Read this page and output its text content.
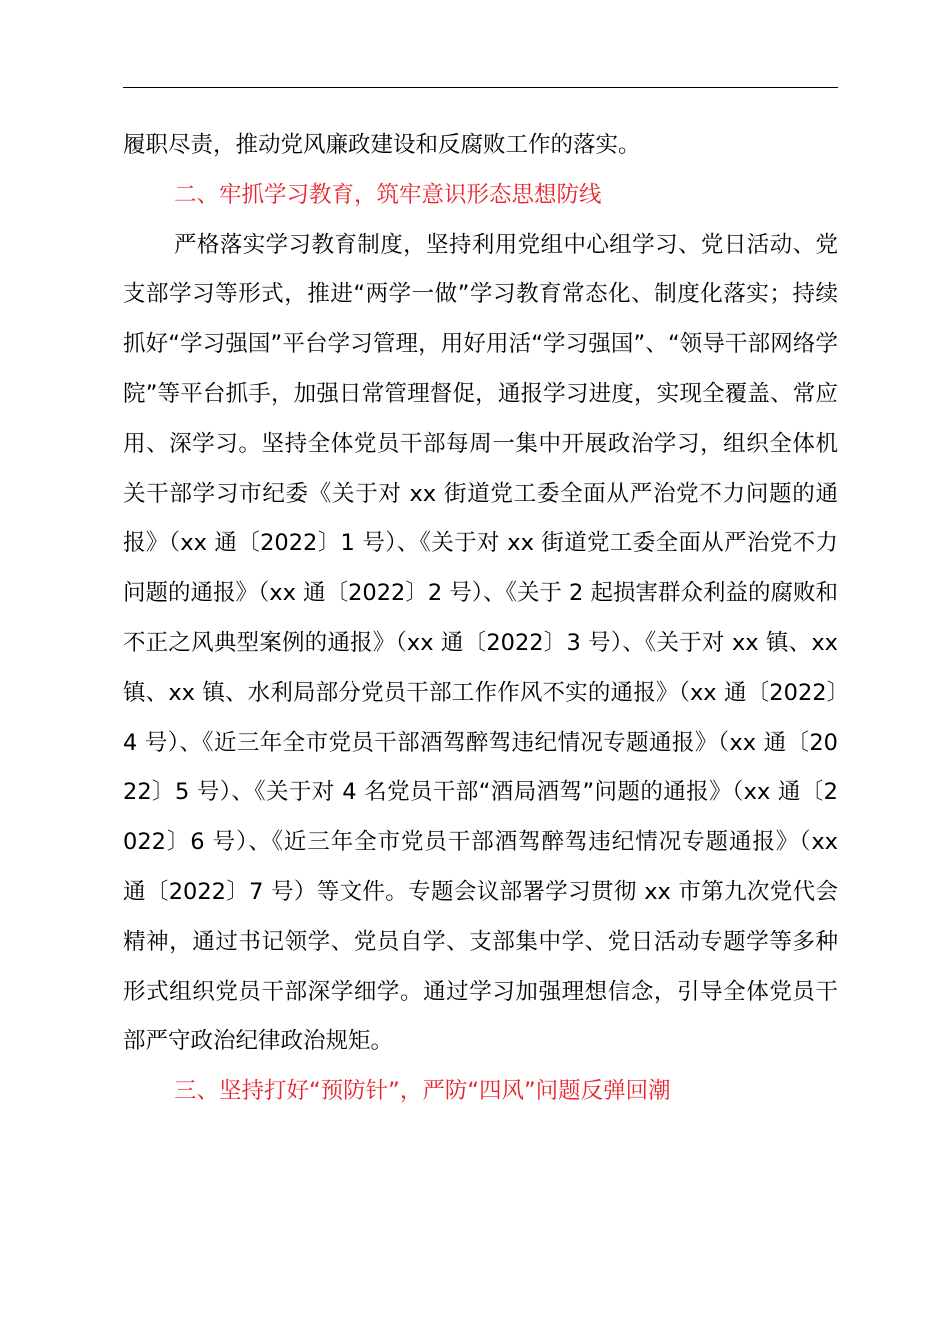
履职尽责，推动党风廉政建设和反腐败工作的落实。

二、牢抓学习教育，筑牢意识形态思想防线

严格落实学习教育制度，坚持利用党组中心组学习、党日活动、党支部学习等形式，推进“两学一做”学习教育常态化、制度化落实；持续抓好“学习强国”平台学习管理，用好用活“学习强国”、“领导干部网络学院”等平台抓手，加强日常管理督促，通报学习进度，实现全覆盖、常应用、深学习。坚持全体党员干部每周一集中开展政治学习，组织全体机关干部学习市纪委《关于对 xx 街道党工委全面从严治党不力问题的通报》（xx 通〔2022〕1 号）、《关于对 xx 街道党工委全面从严治党不力问题的通报》（xx 通〔2022〕2 号）、《关于 2 起损害群众利益的腐败和不正之风典型案例的通报》（xx 通〔2022〕3 号）、《关于对 xx 镇、xx 镇、xx 镇、水利局部分党员干部工作作风不实的通报》（xx 通〔2022〕4 号）、《近三年全市党员干部酒驾醉驾违纪情况专题通报》（xx 通〔2022〕5 号）、《关于对 4 名党员干部“酒局酒驾”问题的通报》（xx 通〔2022〕6 号）、《近三年全市党员干部酒驾醉驾违纪情况专题通报》（xx 通〔2022〕7 号）等文件。专题会议部署学习贯彻 xx 市第九次党代会精神，通过书记领学、党员自学、支部集中学、党日活动专题学等多种形式组织党员干部深学细学。通过学习加强理想信念，引导全体党员干部严守政治纪律政治规矩。

三、坚持打好“预防针”，严防“四风”问题反弹回潮
